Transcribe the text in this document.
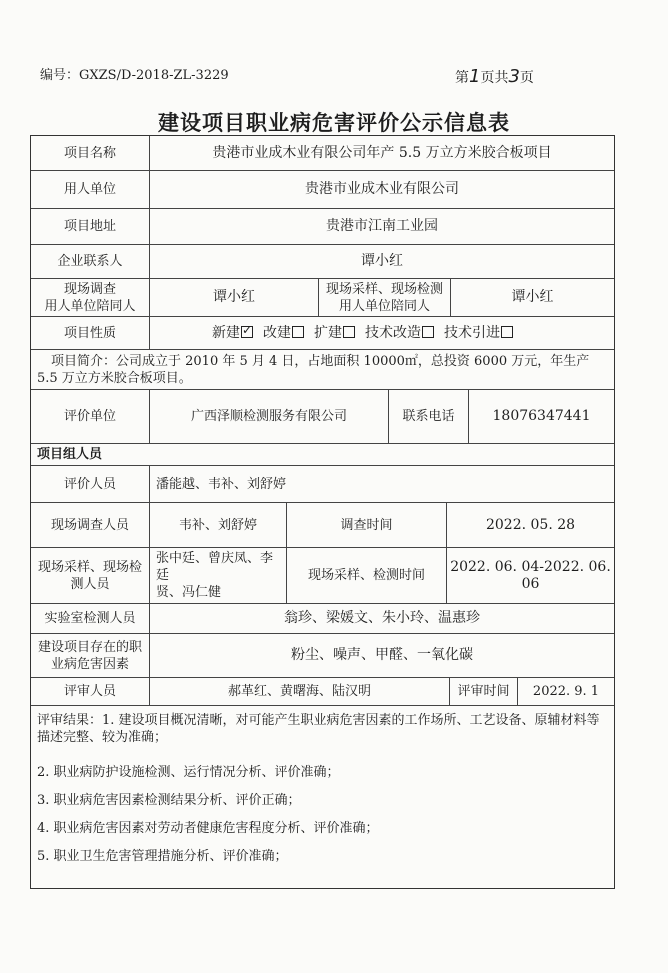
编号：GXZS/D-2018-ZL-3229	第1页共3页
建设项目职业病危害评价公示信息表
项目名称	贵港市业成木业有限公司年产 5.5 万立方米胶合板项目
用人单位	贵港市业成木业有限公司
项目地址	贵港市江南工业园
企业联系人	谭小红
现场调查
用人单位陪同人
谭小红	现场采样、现场检测
用人单位陪同人
谭小红
项目性质	新建✓	改建	扩建	技术改造	技术引进
项目简介：公司成立于 2010 年 5 月 4 日，占地面积 10000㎡，总投资 6000 万元，年生产 5.5 万立方米胶合板项目。
评价单位	广西泽顺检测服务有限公司	联系电话	18076347441
项目组人员
评价人员	潘能越、韦补、刘舒婷
现场调查人员	韦补、刘舒婷	调查时间	2022. 05. 28
现场采样、现场检
测人员
张中廷、曾庆凤、李廷
贤、冯仁健
现场采样、检测时间
2022. 06. 04-2022. 06. 06
实验室检测人员	翁珍、梁媛文、朱小玲、温惠珍
建设项目存在的职
业病危害因素
粉尘、噪声、甲醛、一氧化碳
评审人员	郝革红、黄曙海、陆汉明	评审时间	2022. 9. 1

评审结果：1. 建设项目概况清晰，对可能产生职业病危害因素的工作场所、工艺设备、原辅材料等描述完整、较为准确；

2. 职业病防护设施检测、运行情况分析、评价准确；

3. 职业病危害因素检测结果分析、评价正确；

4. 职业病危害因素对劳动者健康危害程度分析、评价准确；

5. 职业卫生危害管理措施分析、评价准确；
